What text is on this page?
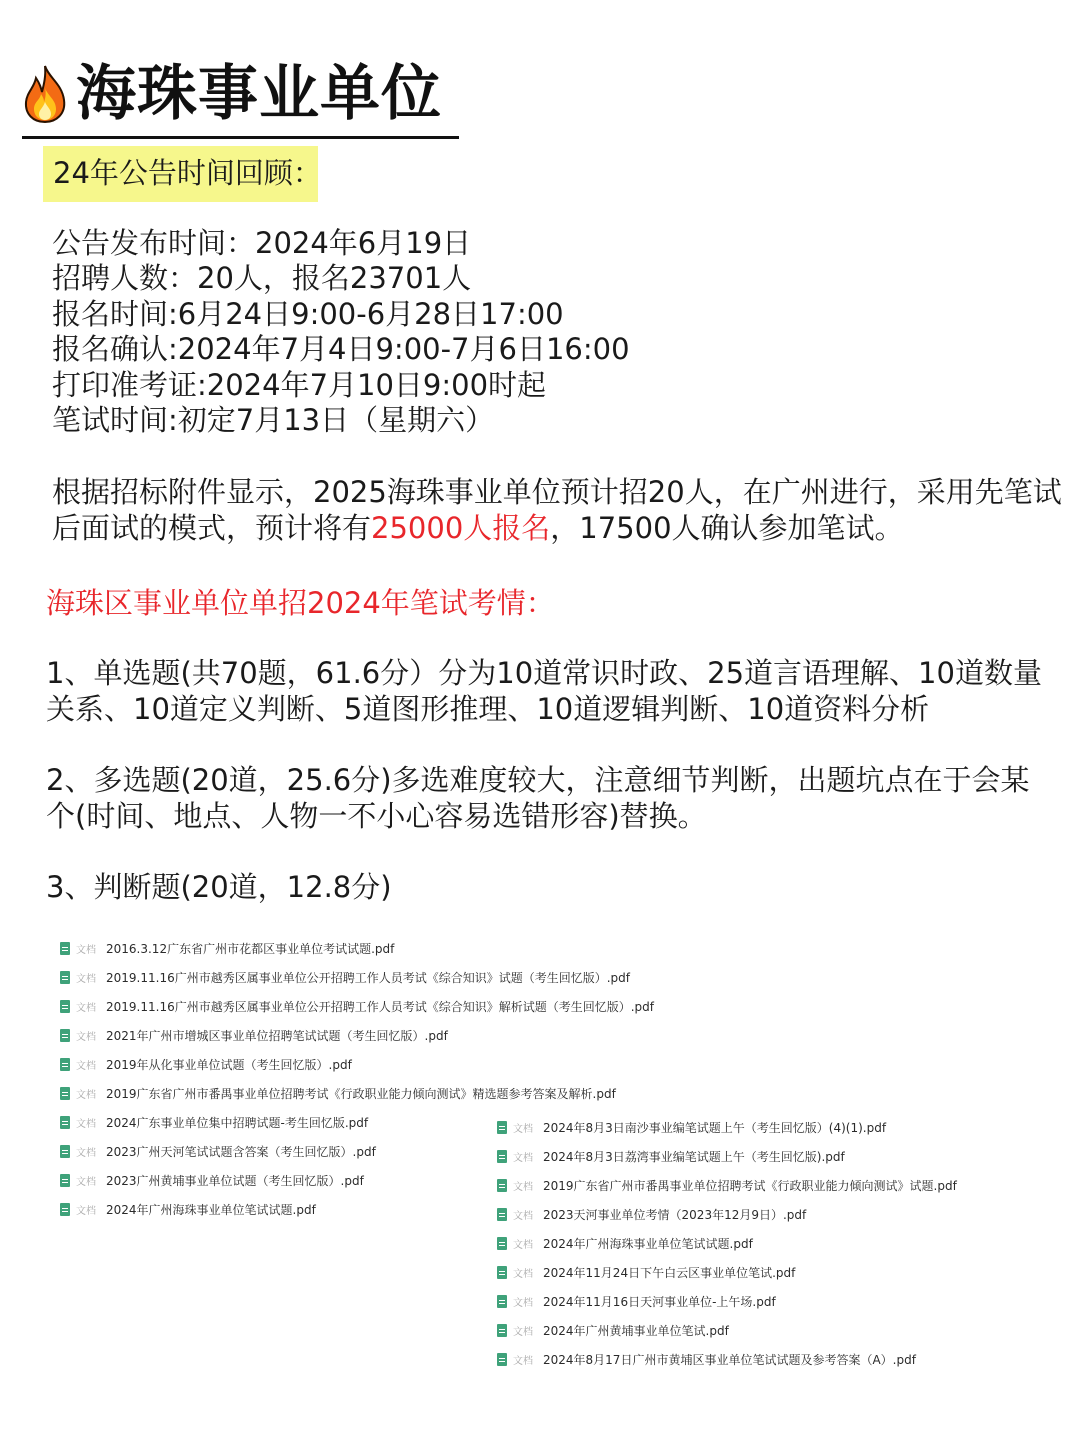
海珠事业单位
24年公告时间回顾：
公告发布时间：2024年6月19日
招聘人数：20人，报名23701人
报名时间:6月24日9:00-6月28日17:00
报名确认:2024年7月4日9:00-7月6日16:00
打印准考证:2024年7月10日9:00时起
笔试时间:初定7月13日（星期六）
根据招标附件显示，2025海珠事业单位预计招20人，在广州进行，采用先笔试后面试的模式，预计将有25000人报名，17500人确认参加笔试。
海珠区事业单位单招2024年笔试考情：
1、单选题(共70题，61.6分）分为10道常识时政、25道言语理解、10道数量关系、10道定义判断、5道图形推理、10道逻辑判断、10道资料分析
2、多选题(20道，25.6分)多选难度较大，注意细节判断，出题坑点在于会某个(时间、地点、人物一不小心容易选错形容)替换。
3、判断题(20道，12.8分)
文档 2016.3.12广东省广州市花都区事业单位考试试题.pdf
文档 2019.11.16广州市越秀区属事业单位公开招聘工作人员考试《综合知识》试题（考生回忆版）.pdf
文档 2019.11.16广州市越秀区属事业单位公开招聘工作人员考试《综合知识》解析试题（考生回忆版）.pdf
文档 2021年广州市增城区事业单位招聘笔试试题（考生回忆版）.pdf
文档 2019年从化事业单位试题（考生回忆版）.pdf
文档 2019广东省广州市番禺事业单位招聘考试《行政职业能力倾向测试》精选题参考答案及解析.pdf
文档 2024广东事业单位集中招聘试题-考生回忆版.pdf
文档 2023广州天河笔试试题含答案（考生回忆版）.pdf
文档 2023广州黄埔事业单位试题（考生回忆版）.pdf
文档 2024年广州海珠事业单位笔试试题.pdf
文档 2024年8月3日南沙事业编笔试题上午（考生回忆版）(4)(1).pdf
文档 2024年8月3日荔湾事业编笔试题上午（考生回忆版).pdf
文档 2019广东省广州市番禺事业单位招聘考试《行政职业能力倾向测试》试题.pdf
文档 2023天河事业单位考情（2023年12月9日）.pdf
文档 2024年广州海珠事业单位笔试试题.pdf
文档 2024年11月24日下午白云区事业单位笔试.pdf
文档 2024年11月16日天河事业单位-上午场.pdf
文档 2024年广州黄埔事业单位笔试.pdf
文档 2024年8月17日广州市黄埔区事业单位笔试试题及参考答案（A）.pdf
